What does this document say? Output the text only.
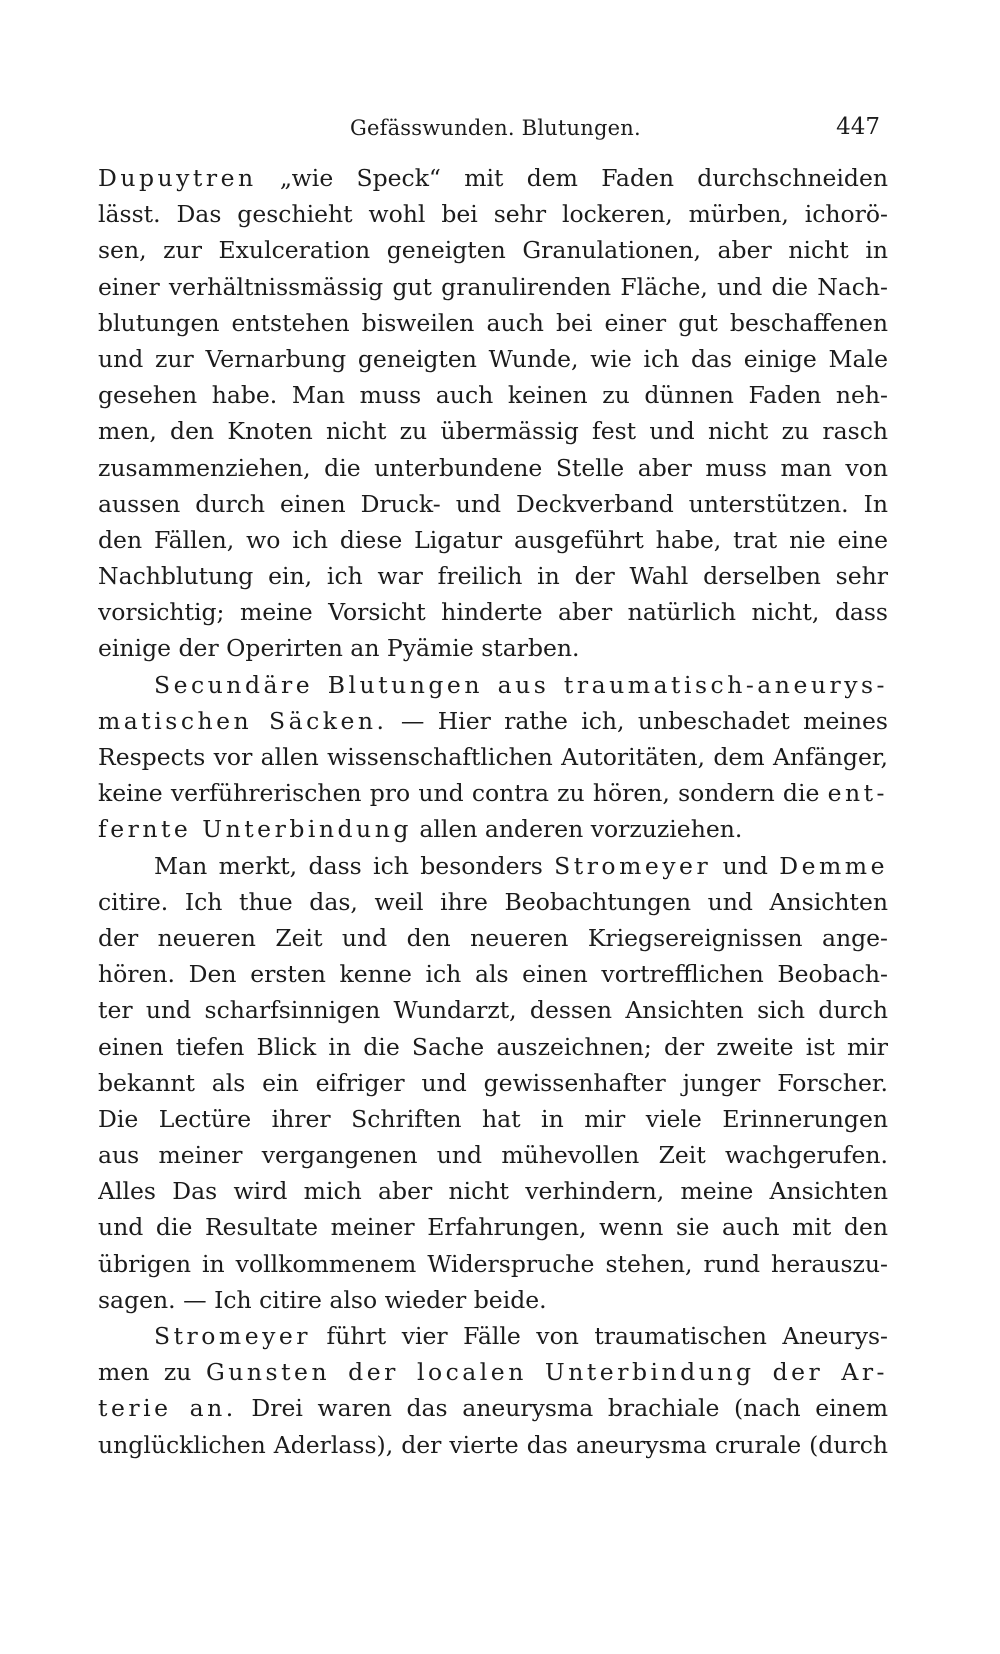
Gefässwunden. Blutungen.	447
Dupuytren „wie Speck“ mit dem Faden durchschneiden
lässt. Das geschieht wohl bei sehr lockeren, mürben, ichorö-
sen, zur Exulceration geneigten Granulationen, aber nicht in
einer verhältnissmässig gut granulirenden Fläche, und die Nach-
blutungen entstehen bisweilen auch bei einer gut beschaffenen
und zur Vernarbung geneigten Wunde, wie ich das einige Male
gesehen habe. Man muss auch keinen zu dünnen Faden neh-
men, den Knoten nicht zu übermässig fest und nicht zu rasch
zusammenziehen, die unterbundene Stelle aber muss man von
aussen durch einen Druck- und Deckverband unterstützen. In
den Fällen, wo ich diese Ligatur ausgeführt habe, trat nie eine
Nachblutung ein, ich war freilich in der Wahl derselben sehr
vorsichtig; meine Vorsicht hinderte aber natürlich nicht, dass
einige der Operirten an Pyämie starben.
Secundäre Blutungen aus traumatisch-aneurys-
matischen Säcken. — Hier rathe ich, unbeschadet meines
Respects vor allen wissenschaftlichen Autoritäten, dem Anfänger,
keine verführerischen pro und contra zu hören, sondern die ent-
fernte Unterbindung allen anderen vorzuziehen.
Man merkt, dass ich besonders Stromeyer und Demme
citire. Ich thue das, weil ihre Beobachtungen und Ansichten
der neueren Zeit und den neueren Kriegsereignissen ange-
hören. Den ersten kenne ich als einen vortrefflichen Beobach-
ter und scharfsinnigen Wundarzt, dessen Ansichten sich durch
einen tiefen Blick in die Sache auszeichnen; der zweite ist mir
bekannt als ein eifriger und gewissenhafter junger Forscher.
Die Lectüre ihrer Schriften hat in mir viele Erinnerungen
aus meiner vergangenen und mühevollen Zeit wachgerufen.
Alles Das wird mich aber nicht verhindern, meine Ansichten
und die Resultate meiner Erfahrungen, wenn sie auch mit den
übrigen in vollkommenem Widerspruche stehen, rund herauszu-
sagen. — Ich citire also wieder beide.
Stromeyer führt vier Fälle von traumatischen Aneurys-
men zu Gunsten der localen Unterbindung der Ar-
terie an. Drei waren das aneurysma brachiale (nach einem
unglücklichen Aderlass), der vierte das aneurysma crurale (durch
